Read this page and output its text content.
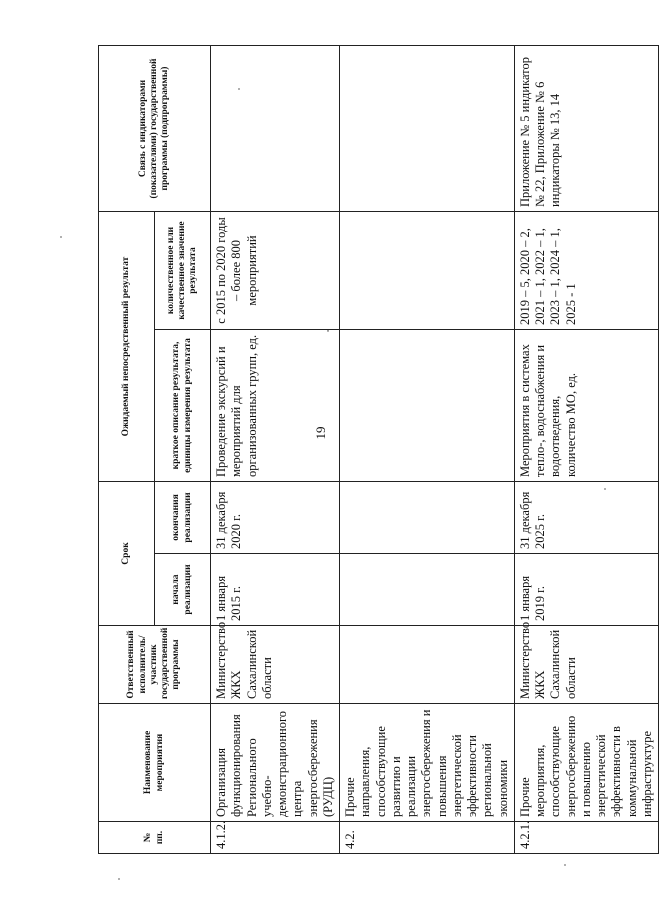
19
№ пп.	Наименование мероприятия	Ответственный исполнитель/участник государственной программы	Срок		Ожидаемый непосредственный результат		Связь с индикаторами (показателями) государственной программы (подпрограммы)
			начала реализации	окончания реализации	краткое описание результата, единицы измерения результата	количественное или качественное значение результата	
4.1.2.	Организация функционирования Регионального учебно-демонстрационного центра энергосбережения (РУДЦ)	Министерство ЖКХ Сахалинской области	1 января 2015 г.	31 декабря 2020 г.	Проведение экскурсий и мероприятий для организованных групп, ед.	с 2015 по 2020 годы – более 800 мероприятий	
4.2.	Прочие направления, способствующие развитию и реализации энергосбережения и повышения энергетической эффективности региональной экономики						
4.2.1.	Прочие мероприятия, способствующие энергосбережению и повышению энергетической эффективности в коммунальной инфраструктуре	Министерство ЖКХ Сахалинской области	1 января 2019 г.	31 декабря 2025 г.	Мероприятия в системах тепло-, водоснабжения и водоотведения, количество МО, ед.	2019 – 5, 2020 – 2, 2021 – 1, 2022 – 1, 2023 – 1, 2024 – 1, 2025 - 1	Приложение № 5 индикатор № 22, Приложение № 6 индикаторы № 13, 14
